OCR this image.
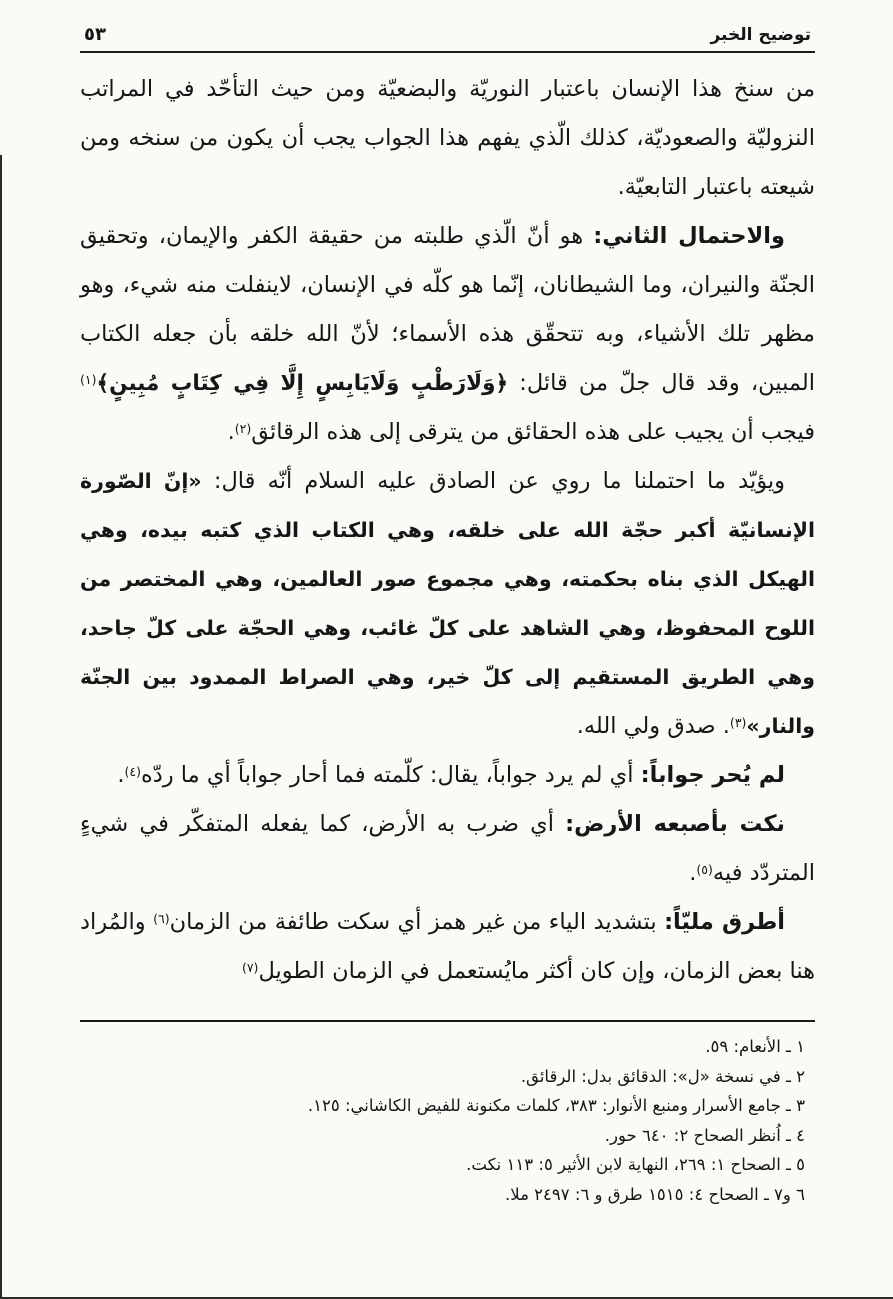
توضيح الخبر
٥٣

من سنخ هذا الإنسان باعتبار النوريّة والبضعيّة ومن حيث التأحّد في المراتب النزوليّة والصعوديّة، كذلك الّذي يفهم هذا الجواب يجب أن يكون من سنخه ومن شيعته باعتبار التابعيّة.

والاحتمال الثاني: هو أنّ الّذي طلبته من حقيقة الكفر والإيمان، وتحقيق الجنّة والنيران، وما الشيطانان، إنّما هو كلّه في الإنسان، لاينفلت منه شيء، وهو مظهر تلك الأشياء، وبه تتحقّق هذه الأسماء؛ لأنّ الله خلقه بأن جعله الكتاب المبين، وقد قال جلّ من قائل: ﴿وَلَارَطْبٍ وَلَايَابِسٍ إِلَّا فِي كِتَابٍ مُبِينٍ﴾$^{(١)}$ فيجب أن يجيب على هذه الحقائق من يترقى إلى هذه الرقائق$^{(٢)}$.

ويؤيّد ما احتملنا ما روي عن الصادق عليه السلام أنّه قال: «إنّ الصّورة الإنسانيّة أكبر حجّة الله على خلقه، وهي الكتاب الذي كتبه بيده، وهي الهيكل الذي بناه بحكمته، وهي مجموع صور العالمين، وهي المختصر من اللوح المحفوظ، وهي الشاهد على كلّ غائب، وهي الحجّة على كلّ جاحد، وهي الطريق المستقيم إلى كلّ خير، وهي الصراط الممدود بين الجنّة والنار»$^{(٣)}$. صدق ولي الله.

لم يُحر جواباً: أي لم يرد جواباً، يقال: كلّمته فما أحار جواباً أي ما ردّه$^{(٤)}$.

نكت بأصبعه الأرض: أي ضرب به الأرض، كما يفعله المتفكّر في شيءٍ المتردّد فيه$^{(٥)}$.

أطرق مليّاً: بتشديد الياء من غير همز أي سكت طائفة من الزمان$^{(٦)}$ والمُراد هنا بعض الزمان، وإن كان أكثر مايُستعمل في الزمان الطويل$^{(٧)}$

١ ـ الأنعام: ٥٩.
٢ ـ في نسخة «ل»: الدقائق بدل: الرقائق.
٣ ـ جامع الأسرار ومنبع الأنوار: ٣٨٣، كلمات مكنونة للفيض الكاشاني: ١٢٥.
٤ ـ اُنظر الصحاح ٢: ٦٤٠ حور.
٥ ـ الصحاح ١: ٢٦٩، النهاية لابن الأثير ٥: ١١٣ نكت.
٦ و٧ ـ الصحاح ٤: ١٥١٥ طرق و ٦: ٢٤٩٧ ملا.
